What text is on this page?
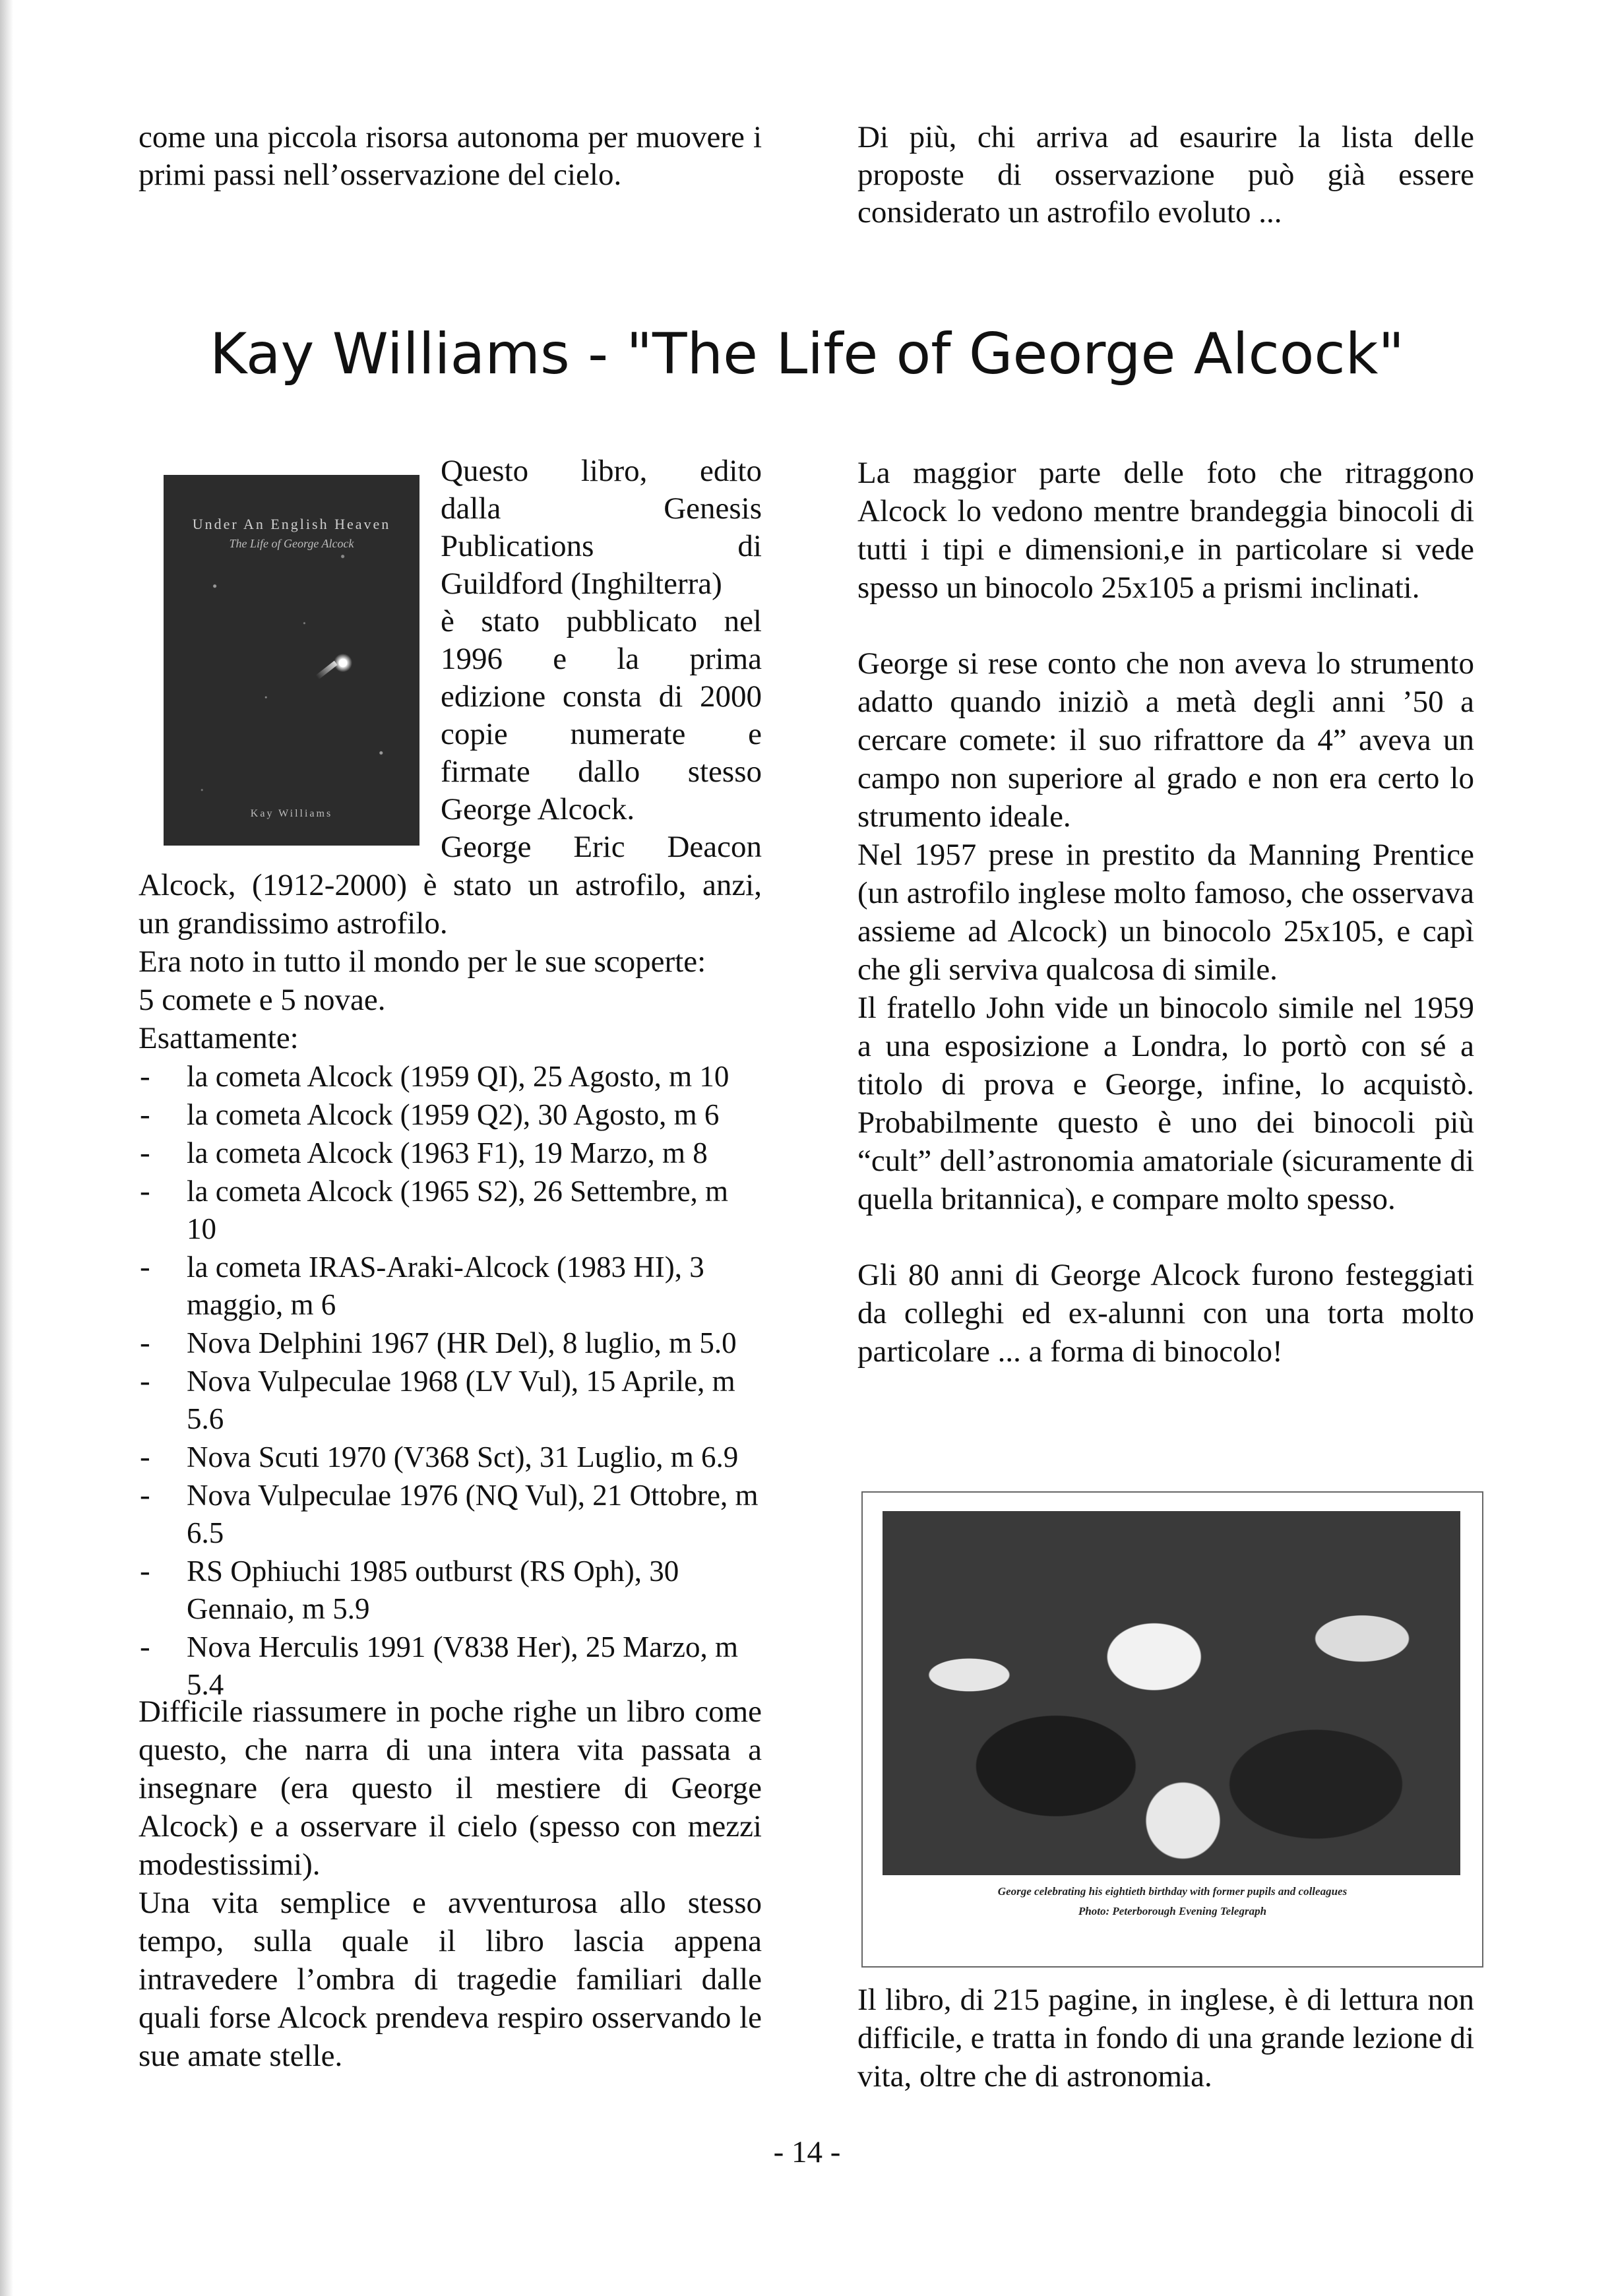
come una piccola risorsa autonoma per muovere i primi passi nell’osservazione del cielo.
Di più, chi arriva ad esaurire la lista delle proposte di osservazione può già essere considerato un astrofilo evoluto ...
Kay Williams - "The Life of George Alcock"
Under An English Heaven
The Life of George Alcock
Kay Williams
Questo libro, edito
dalla Genesis
Publications di
Guildford (Inghilterra)
è stato pubblicato nel
1996 e la prima
edizione consta di 2000
copie numerate e
firmate dallo stesso
George Alcock.
George Eric Deacon
Alcock, (1912-2000) è stato un astrofilo, anzi,
un grandissimo astrofilo.
Era noto in tutto il mondo per le sue scoperte:
5 comete e 5 novae.
Esattamente:
- la cometa Alcock (1959 QI), 25 Agosto, m 10
- la cometa Alcock (1959 Q2), 30 Agosto, m 6
- la cometa Alcock (1963 F1), 19 Marzo, m 8
- la cometa Alcock (1965 S2), 26 Settembre, m 10
- la cometa IRAS-Araki-Alcock (1983 HI), 3 maggio, m 6
- Nova Delphini 1967 (HR Del), 8 luglio, m 5.0
- Nova Vulpeculae 1968 (LV Vul), 15 Aprile, m 5.6
- Nova Scuti 1970 (V368 Sct), 31 Luglio, m 6.9
- Nova Vulpeculae 1976 (NQ Vul), 21 Ottobre, m 6.5
- RS Ophiuchi 1985 outburst (RS Oph), 30 Gennaio, m 5.9
- Nova Herculis 1991 (V838 Her), 25 Marzo, m 5.4
Difficile riassumere in poche righe un libro come questo, che narra di una intera vita passata a insegnare (era questo il mestiere di George Alcock) e a osservare il cielo (spesso con mezzi modestissimi).
Una vita semplice e avventurosa allo stesso tempo, sulla quale il libro lascia appena intravedere l’ombra di tragedie familiari dalle quali forse Alcock prendeva respiro osservando le sue amate stelle.

La maggior parte delle foto che ritraggono Alcock lo vedono mentre brandeggia binocoli di tutti i tipi e dimensioni,e in particolare si vede spesso un binocolo 25x105 a prismi inclinati.

George si rese conto che non aveva lo strumento adatto quando iniziò a metà degli anni ’50 a cercare comete: il suo rifrattore da 4” aveva un campo non superiore al grado e non era certo lo strumento ideale.

Nel 1957 prese in prestito da Manning Prentice (un astrofilo inglese molto famoso, che osservava assieme ad Alcock) un binocolo 25x105, e capì che gli serviva qualcosa di simile.

Il fratello John vide un binocolo simile nel 1959 a una esposizione a Londra, lo portò con sé a titolo di prova e George, infine, lo acquistò. Probabilmente questo è uno dei binocoli più “cult” dell’astronomia amatoriale (sicuramente di quella britannica), e compare molto spesso.

Gli 80 anni di George Alcock furono festeggiati da colleghi ed ex-alunni con una torta molto particolare ... a forma di binocolo!

George celebrating his eightieth birthday with former pupils and colleagues
Photo: Peterborough Evening Telegraph
Il libro, di 215 pagine, in inglese, è di lettura non difficile, e tratta in fondo di una grande lezione di vita, oltre che di astronomia.
- 14 -
